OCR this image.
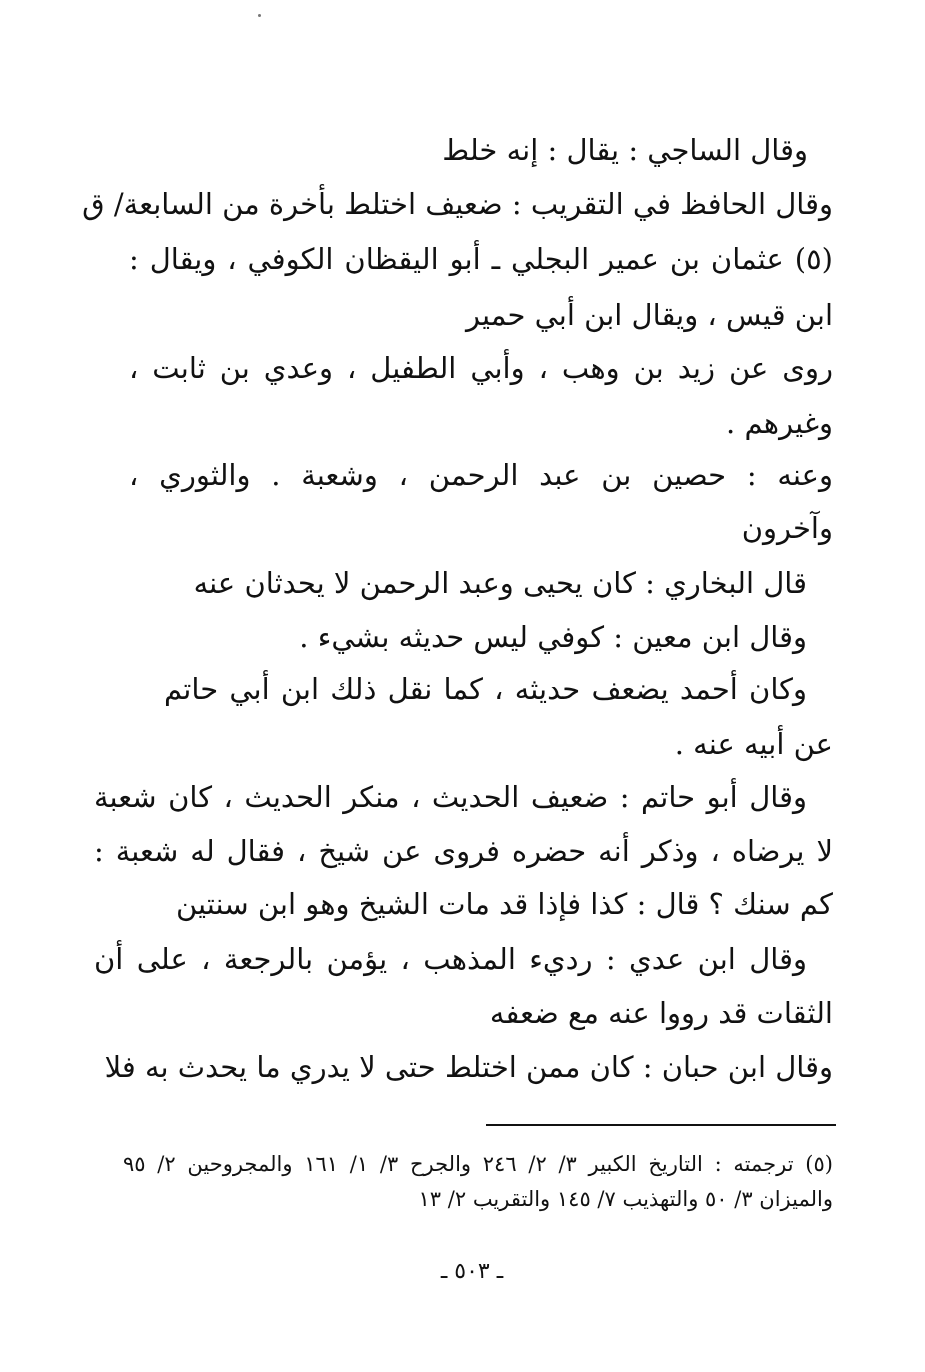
وقال الساجي : يقال : إنه خلط
وقال الحافظ في التقريب : ضعيف اختلط بأخرة من السابعة/ ق
(٥) عثمان بن عمير البجلي ـ أبو اليقظان الكوفي ، ويقال :
ابن قيس ، ويقال ابن أبي حمير
روى عن زيد بن وهب ، وأبي الطفيل ، وعدي بن ثابت ،
وغيرهم .
وعنه : حصين بن عبد الرحمن ، وشعبة . والثوري ،
وآخرون
قال البخاري : كان يحيى وعبد الرحمن لا يحدثان عنه
وقال ابن معين : كوفي ليس حديثه بشيء .
وكان أحمد يضعف حديثه ، كما نقل ذلك ابن أبي حاتم
عن أبيه عنه .
وقال أبو حاتم : ضعيف الحديث ، منكر الحديث ، كان شعبة
لا يرضاه ، وذكر أنه حضره فروى عن شيخ ، فقال له شعبة :
كم سنك ؟ قال : كذا فإذا قد مات الشيخ وهو ابن سنتين
وقال ابن عدي : رديء المذهب ، يؤمن بالرجعة ، على أن
الثقات قد رووا عنه مع ضعفه
وقال ابن حبان : كان ممن اختلط حتى لا يدري ما يحدث به فلا
(٥) ترجمته : التاريخ الكبير ٣/ ٢/ ٢٤٦ والجرح ٣/ ١/ ١٦١ والمجروحين ٢/ ٩٥
والميزان ٣/ ٥٠ والتهذيب ٧/ ١٤٥ والتقريب ٢/ ١٣
ـ ٥٠٣ ـ
